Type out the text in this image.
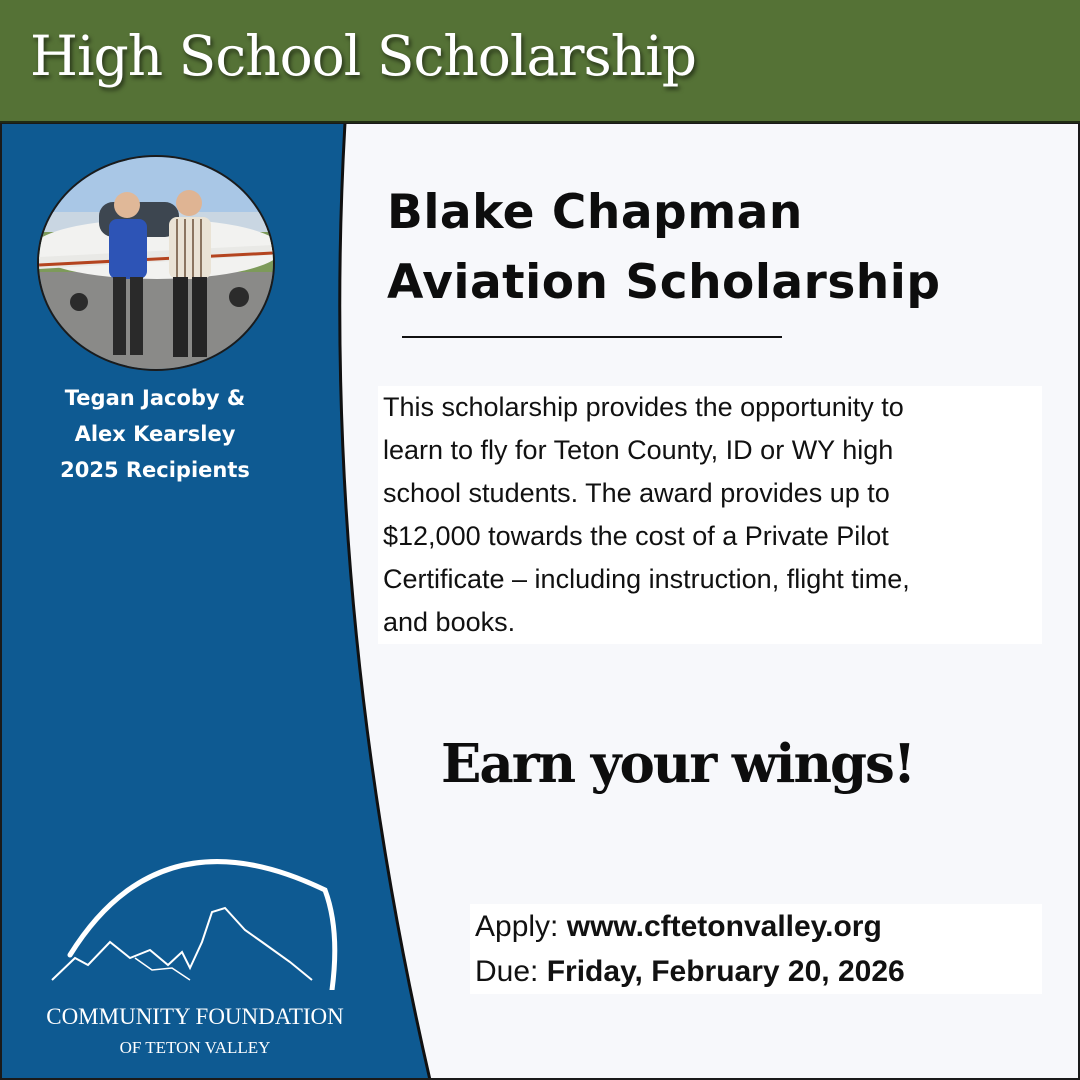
High School Scholarship
Tegan Jacoby &
Alex Kearsley
2025 Recipients
Blake Chapman
Aviation Scholarship
This scholarship provides the opportunity to
learn to fly for Teton County, ID or WY high
school students. The award provides up to
$12,000 towards the cost of a Private Pilot
Certificate – including instruction, flight time,
and books.
Earn your wings!
Apply: www.cftetonvalley.org
Due: Friday, February 20, 2026
COMMUNITY FOUNDATION
OF TETON VALLEY
